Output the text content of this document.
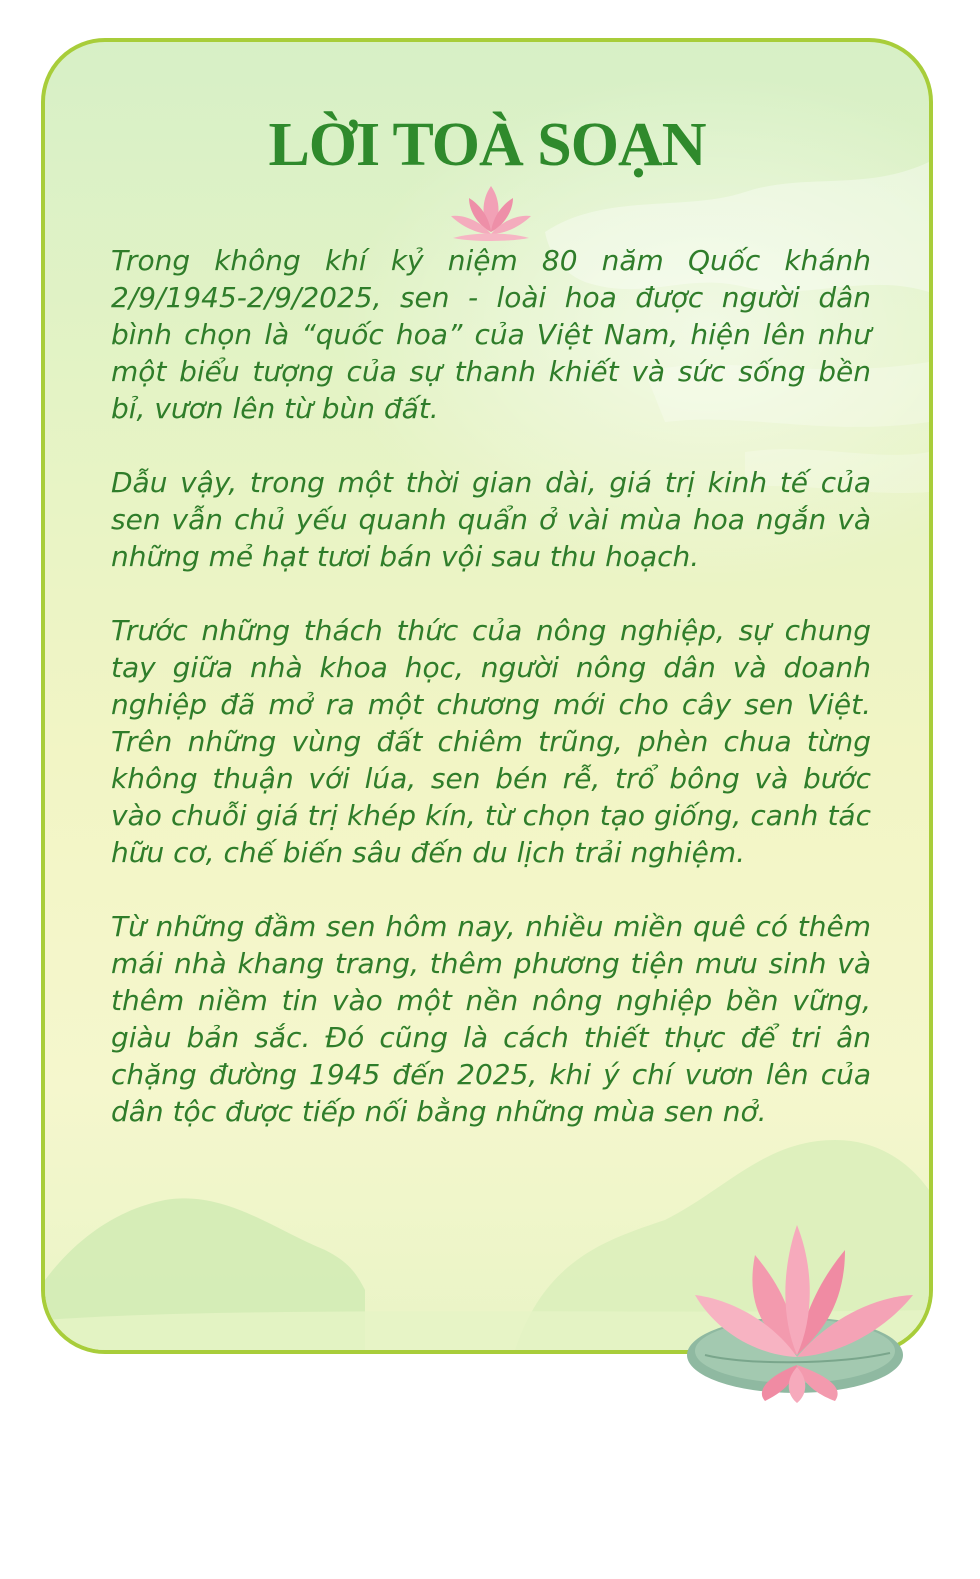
LỜI TOÀ SOẠN

Trong không khí kỷ niệm 80 năm Quốc khánh 2/9/1945-2/9/2025, sen - loài hoa được người dân bình chọn là “quốc hoa” của Việt Nam, hiện lên như một biểu tượng của sự thanh khiết và sức sống bền bỉ, vươn lên từ bùn đất.

Dẫu vậy, trong một thời gian dài, giá trị kinh tế của sen vẫn chủ yếu quanh quẩn ở vài mùa hoa ngắn và những mẻ hạt tươi bán vội sau thu hoạch.

Trước những thách thức của nông nghiệp, sự chung tay giữa nhà khoa học, người nông dân và doanh nghiệp đã mở ra một chương mới cho cây sen Việt. Trên những vùng đất chiêm trũng, phèn chua từng không thuận với lúa, sen bén rễ, trổ bông và bước vào chuỗi giá trị khép kín, từ chọn tạo giống, canh tác hữu cơ, chế biến sâu đến du lịch trải nghiệm.

Từ những đầm sen hôm nay, nhiều miền quê có thêm mái nhà khang trang, thêm phương tiện mưu sinh và thêm niềm tin vào một nền nông nghiệp bền vững, giàu bản sắc. Đó cũng là cách thiết thực để tri ân chặng đường 1945 đến 2025, khi ý chí vươn lên của dân tộc được tiếp nối bằng những mùa sen nở.
